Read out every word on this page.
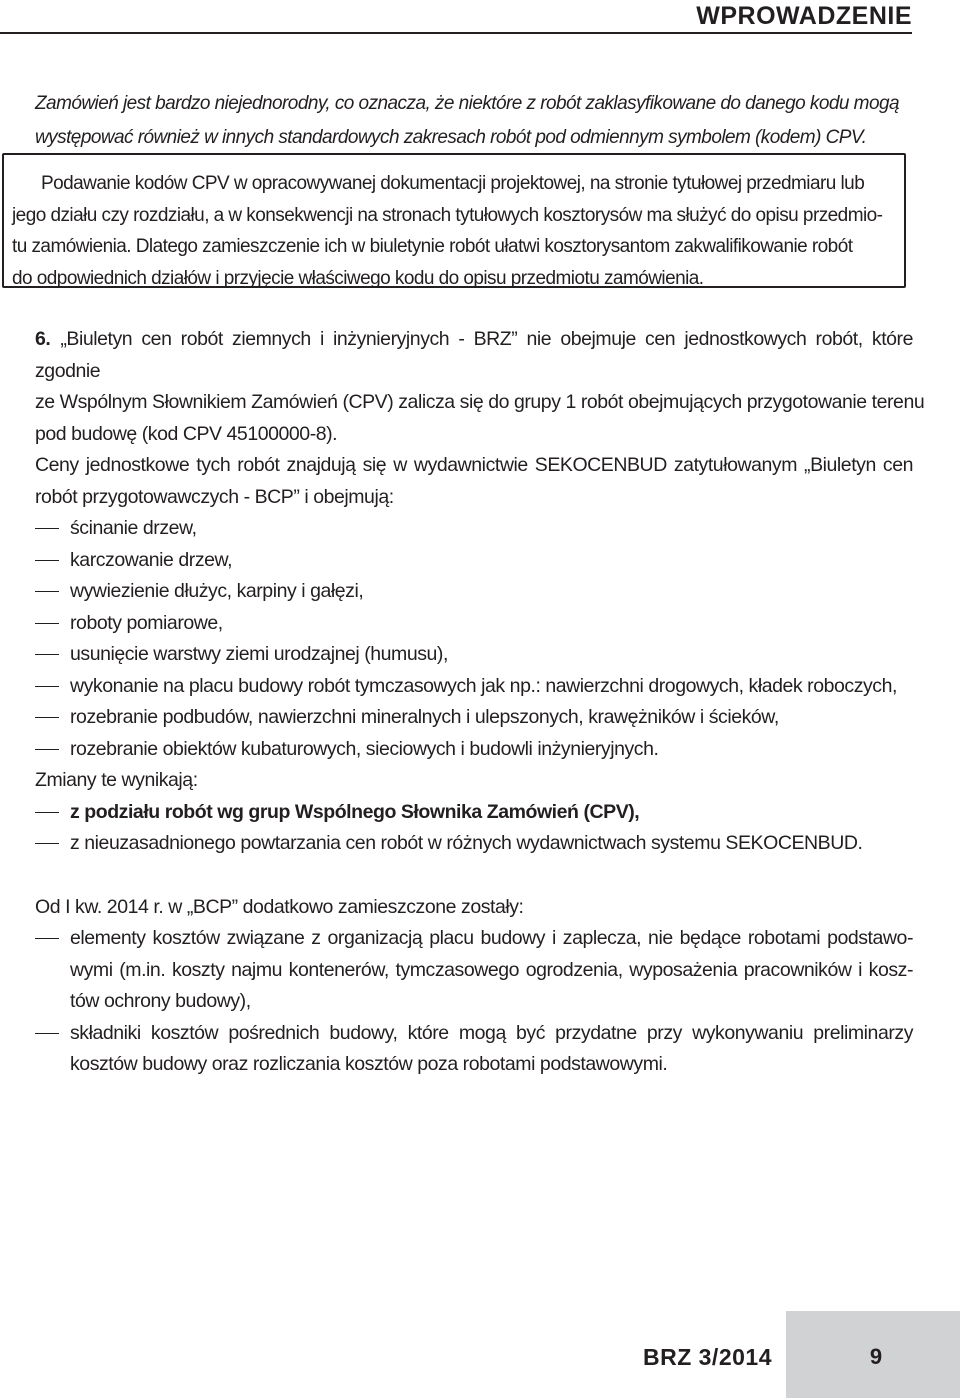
WPROWADZENIE
Zamówień jest bardzo niejednorodny, co oznacza, że niektóre z robót zaklasyfikowane do danego kodu mogą
występować również w innych standardowych zakresach robót pod odmiennym symbolem (kodem) CPV.
Podawanie kodów CPV w opracowywanej dokumentacji projektowej, na stronie tytułowej przedmiaru lub
jego działu czy rozdziału, a w konsekwencji na stronach tytułowych kosztorysów ma służyć do opisu przedmio-
tu zamówienia. Dlatego zamieszczenie ich w biuletynie robót ułatwi kosztorysantom zakwalifikowanie robót
do odpowiednich działów i przyjęcie właściwego kodu do opisu przedmiotu zamówienia.
6. „Biuletyn cen robót ziemnych i inżynieryjnych - BRZ” nie obejmuje cen jednostkowych robót, które zgodnie
ze Wspólnym Słownikiem Zamówień (CPV) zalicza się do grupy 1 robót obejmujących przygotowanie terenu
pod budowę (kod CPV 45100000-8).
Ceny jednostkowe tych robót znajdują się w wydawnictwie SEKOCENBUD zatytułowanym „Biuletyn cen
robót przygotowawczych - BCP” i obejmują:
ścinanie drzew,
karczowanie drzew,
wywiezienie dłużyc, karpiny i gałęzi,
roboty pomiarowe,
usunięcie warstwy ziemi urodzajnej (humusu),
wykonanie na placu budowy robót tymczasowych jak np.: nawierzchni drogowych, kładek roboczych,
rozebranie podbudów, nawierzchni mineralnych i ulepszonych, krawężników i ścieków,
rozebranie obiektów kubaturowych, sieciowych i budowli inżynieryjnych.
Zmiany te wynikają:
z podziału robót wg grup Wspólnego Słownika Zamówień (CPV),
z nieuzasadnionego powtarzania cen robót w różnych wydawnictwach systemu SEKOCENBUD.
Od I kw. 2014 r. w „BCP” dodatkowo zamieszczone zostały:
elementy kosztów związane z organizacją placu budowy i zaplecza, nie będące robotami podstawo-
wymi (m.in. koszty najmu kontenerów, tymczasowego ogrodzenia, wyposażenia pracowników i kosz-
tów ochrony budowy),
składniki kosztów pośrednich budowy, które mogą być przydatne przy wykonywaniu preliminarzy
kosztów budowy oraz rozliczania kosztów poza robotami podstawowymi.
BRZ 3/2014	9
